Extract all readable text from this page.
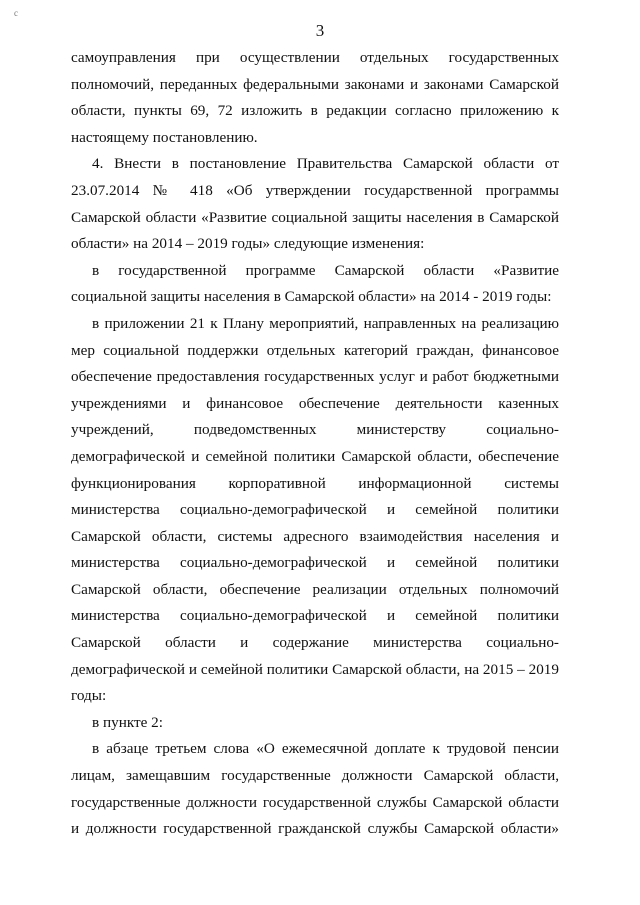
с
3

самоуправления при осуществлении отдельных государственных полномочий, переданных федеральными законами и законами Самарской области, пункты 69, 72 изложить в редакции согласно приложению к настоящему постановлению.

4. Внести в постановление Правительства Самарской области от 23.07.2014 № 418 «Об утверждении государственной программы Самарской области «Развитие социальной защиты населения в Самарской области» на 2014 – 2019 годы» следующие изменения:

в государственной программе Самарской области «Развитие социальной защиты населения в Самарской области» на 2014 - 2019 годы:

в приложении 21 к Плану мероприятий, направленных на реализацию мер социальной поддержки отдельных категорий граждан, финансовое обеспечение предоставления государственных услуг и работ бюджетными учреждениями и финансовое обеспечение деятельности казенных учреждений, подведомственных министерству социально-демографической и семейной политики Самарской области, обеспечение функционирования корпоративной информационной системы министерства социально-демографической и семейной политики Самарской области, системы адресного взаимодействия населения и министерства социально-демографической и семейной политики Самарской области, обеспечение реализации отдельных полномочий министерства социально-демографической и семейной политики Самарской области и содержание министерства социально-демографической и семейной политики Самарской области, на 2015 – 2019 годы:

в пункте 2:

в абзаце третьем слова «О ежемесячной доплате к трудовой пенсии лицам, замещавшим государственные должности Самарской области, государственные должности государственной службы Самарской области и должности государственной гражданской службы Самарской области»
